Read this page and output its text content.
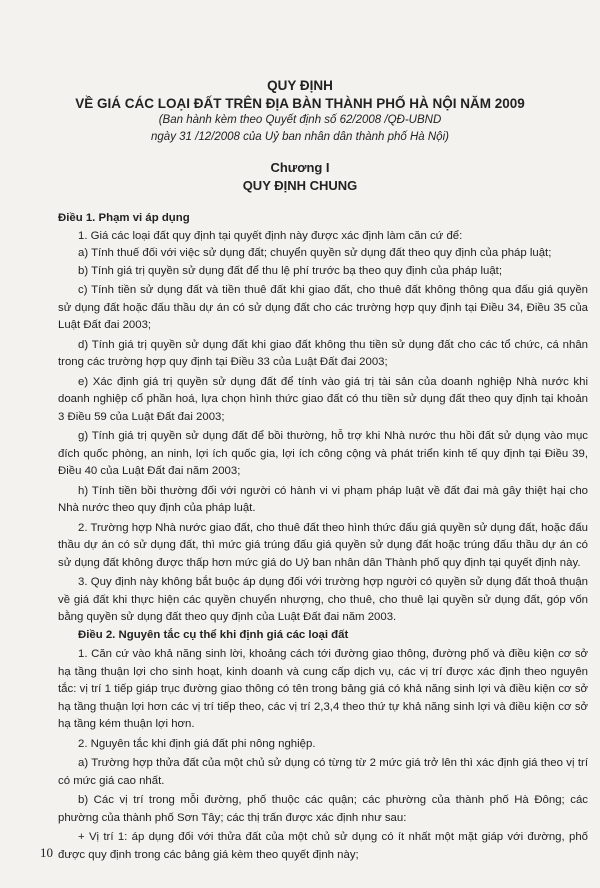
QUY ĐỊNH
VỀ GIÁ CÁC LOẠI ĐẤT TRÊN ĐỊA BÀN THÀNH PHỐ HÀ NỘI NĂM 2009
(Ban hành kèm theo Quyết định số 62/2008 /QĐ-UBND
ngày 31 /12/2008 của Uỷ ban nhân dân thành phố Hà Nội)
Chương I
QUY ĐỊNH CHUNG

Điều 1. Phạm vi áp dụng

1. Giá các loại đất quy định tại quyết định này được xác định làm căn cứ để:

a) Tính thuế đối với việc sử dụng đất; chuyển quyền sử dụng đất theo quy định của pháp luật;

b) Tính giá trị quyền sử dụng đất để thu lệ phí trước bạ theo quy định của pháp luật;

c) Tính tiền sử dụng đất và tiền thuê đất khi giao đất, cho thuê đất không thông qua đấu giá quyền sử dụng đất hoặc đấu thầu dự án có sử dụng đất cho các trường hợp quy định tại Điều 34, Điều 35 của Luật Đất đai 2003;

d) Tính giá trị quyền sử dụng đất khi giao đất không thu tiền sử dụng đất cho các tổ chức, cá nhân trong các trường hợp quy định tại Điều 33 của Luật Đất đai 2003;

e) Xác định giá trị quyền sử dụng đất để tính vào giá trị tài sản của doanh nghiệp Nhà nước khi doanh nghiệp cổ phần hoá, lựa chọn hình thức giao đất có thu tiền sử dụng đất theo quy định tại khoản 3 Điều 59 của Luật Đất đai 2003;

g) Tính giá trị quyền sử dụng đất để bồi thường, hỗ trợ khi Nhà nước thu hồi đất sử dụng vào mục đích quốc phòng, an ninh, lợi ích quốc gia, lợi ích công cộng và phát triển kinh tế quy định tại Điều 39, Điều 40 của Luật Đất đai năm 2003;

h) Tính tiền bồi thường đối với người có hành vi vi phạm pháp luật về đất đai mà gây thiệt hại cho Nhà nước theo quy định của pháp luật.

2. Trường hợp Nhà nước giao đất, cho thuê đất theo hình thức đấu giá quyền sử dụng đất, hoặc đấu thầu dự án có sử dụng đất, thì mức giá trúng đấu giá quyền sử dụng đất hoặc trúng đấu thầu dự án có sử dụng đất không được thấp hơn mức giá do Uỷ ban nhân dân Thành phố quy định tại quyết định này.

3. Quy định này không bắt buộc áp dụng đối với trường hợp người có quyền sử dụng đất thoả thuận về giá đất khi thực hiện các quyền chuyển nhượng, cho thuê, cho thuê lại quyền sử dụng đất, góp vốn bằng quyền sử dụng đất theo quy định của Luật Đất đai năm 2003.

Điều 2. Nguyên tắc cụ thể khi định giá các loại đất

1. Căn cứ vào khả năng sinh lời, khoảng cách tới đường giao thông, đường phố và điều kiện cơ sở hạ tầng thuận lợi cho sinh hoạt, kinh doanh và cung cấp dịch vụ, các vị trí được xác định theo nguyên tắc: vị trí 1 tiếp giáp trục đường giao thông có tên trong bảng giá có khả năng sinh lợi và điều kiện cơ sở hạ tầng thuận lợi hơn các vị trí tiếp theo, các vị trí 2,3,4 theo thứ tự khả năng sinh lợi và điều kiện cơ sở hạ tầng kém thuận lợi hơn.

2. Nguyên tắc khi định giá đất phi nông nghiệp.

a) Trường hợp thửa đất của một chủ sử dụng có từng từ 2 mức giá trở lên thì xác định giá theo vị trí có mức giá cao nhất.

b) Các vị trí trong mỗi đường, phố thuộc các quận; các phường của thành phố Hà Đông; các phường của thành phố Sơn Tây; các thị trấn được xác định như sau:

+ Vị trí 1: áp dụng đối với thửa đất của một chủ sử dụng có ít nhất một mặt giáp với đường, phố được quy định trong các bảng giá kèm theo quyết định này;

10
